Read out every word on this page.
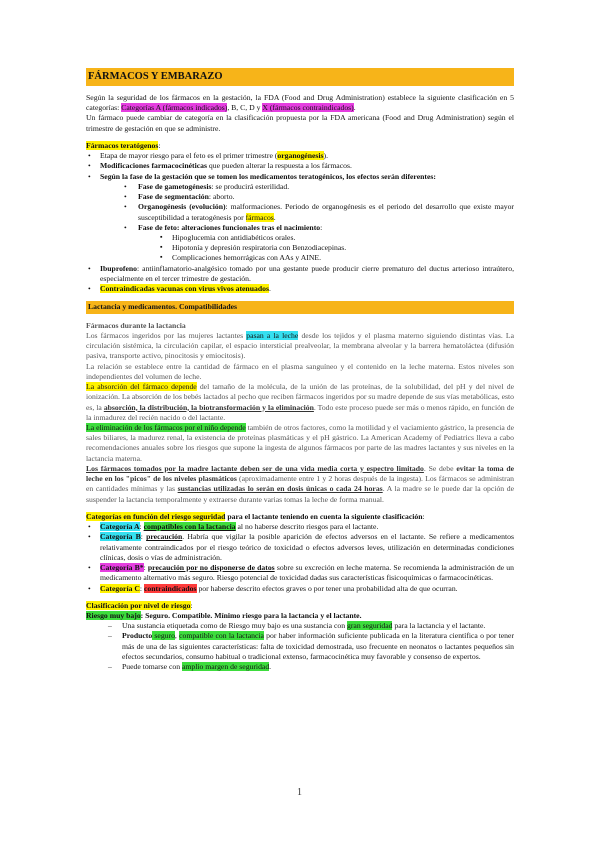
FÁRMACOS Y EMBARAZO

Según la seguridad de los fármacos en la gestación, la FDA (Food and Drug Administration) establece la siguiente clasificación en 5 categorías: Categorías A (fármacos indicados), B, C, D y X (fármacos contraindicados).

Un fármaco puede cambiar de categoría en la clasificación propuesta por la FDA americana (Food and Drug Administration) según el trimestre de gestación en que se administre.

Fármacos teratógenos:

• Etapa de mayor riesgo para el feto es el primer trimestre (organogénesis).
• Modificaciones farmacocinéticas que pueden alterar la respuesta a los fármacos.
• Según la fase de la gestación que se tomen los medicamentos teratogénicos, los efectos serán diferentes:
• Fase de gametogénesis: se producirá esterilidad.
• Fase de segmentación: aborto.
• Organogénesis (evolución): malformaciones. Periodo de organogénesis es el periodo del desarrollo que existe mayor susceptibilidad a teratogénesis por fármacos.
• Fase de feto: alteraciones funcionales tras el nacimiento:
▪ Hipoglucemia con antidiabéticos orales.
▪ Hipotonía y depresión respiratoria con Benzodiacepinas.
▪ Complicaciones hemorrágicas con AAs y AINE.
• Ibuprofeno: antiinflamatorio-analgésico tomado por una gestante puede producir cierre prematuro del ductus arterioso intraútero, especialmente en el tercer trimestre de gestación.
• Contraindicadas vacunas con virus vivos atenuados.
Lactancia y medicamentos. Compatibilidades

Fármacos durante la lactancia

Los fármacos ingeridos por las mujeres lactantes pasan a la leche desde los tejidos y el plasma materno siguiendo distintas vías. La circulación sistémica, la circulación capilar, el espacio intersticial prealveolar, la membrana alveolar y la barrera hematoláctea (difusión pasiva, transporte activo, pinocitosis y emiocitosis).

La relación se establece entre la cantidad de fármaco en el plasma sanguíneo y el contenido en la leche materna. Estos niveles son independientes del volumen de leche.

La absorción del fármaco depende del tamaño de la molécula, de la unión de las proteínas, de la solubilidad, del pH y del nivel de ionización. La absorción de los bebés lactados al pecho que reciben fármacos ingeridos por su madre depende de sus vías metabólicas, esto es, la absorción, la distribución, la biotransformación y la eliminación. Todo este proceso puede ser más o menos rápido, en función de la inmadurez del recién nacido o del lactante.

La eliminación de los fármacos por el niño depende también de otros factores, como la motilidad y el vaciamiento gástrico, la presencia de sales biliares, la madurez renal, la existencia de proteínas plasmáticas y el pH gástrico. La American Academy of Pediatrics lleva a cabo recomendaciones anuales sobre los riesgos que supone la ingesta de algunos fármacos por parte de las madres lactantes y sus niveles en la lactancia materna.

Los fármacos tomados por la madre lactante deben ser de una vida media corta y espectro limitado. Se debe evitar la toma de leche en los "picos" de los niveles plasmáticos (aproximadamente entre 1 y 2 horas después de la ingesta). Los fármacos se administran en cantidades mínimas y las sustancias utilizadas lo serán en dosis únicas o cada 24 horas. A la madre se le puede dar la opción de suspender la lactancia temporalmente y extraerse durante varias tomas la leche de forma manual.

Categorías en función del riesgo seguridad para el lactante teniendo en cuenta la siguiente clasificación:

• Categoría A: compatibles con la lactancia al no haberse descrito riesgos para el lactante.
• Categoría B: precaución. Habría que vigilar la posible aparición de efectos adversos en el lactante. Se refiere a medicamentos relativamente contraindicados por el riesgo teórico de toxicidad o efectos adversos leves, utilización en determinadas condiciones clínicas, dosis o vías de administración.
• Categoría B*: precaución por no disponerse de datos sobre su excreción en leche materna. Se recomienda la administración de un medicamento alternativo más seguro. Riesgo potencial de toxicidad dadas sus características fisicoquímicas o farmacocinéticas.
• Categoría C: contraindicados por haberse descrito efectos graves o por tener una probabilidad alta de que ocurran.

Clasificación por nivel de riesgo:

Riesgo muy bajo: Seguro. Compatible. Mínimo riesgo para la lactancia y el lactante.

– Una sustancia etiquetada como de Riesgo muy bajo es una sustancia con gran seguridad para la lactancia y el lactante.
– Producto seguro, compatible con la lactancia por haber información suficiente publicada en la literatura científica o por tener más de una de las siguientes características: falta de toxicidad demostrada, uso frecuente en neonatos o lactantes pequeños sin efectos secundarios, consumo habitual o tradicional extenso, farmacocinética muy favorable y consenso de expertos.
– Puede tomarse con amplio margen de seguridad.
1
